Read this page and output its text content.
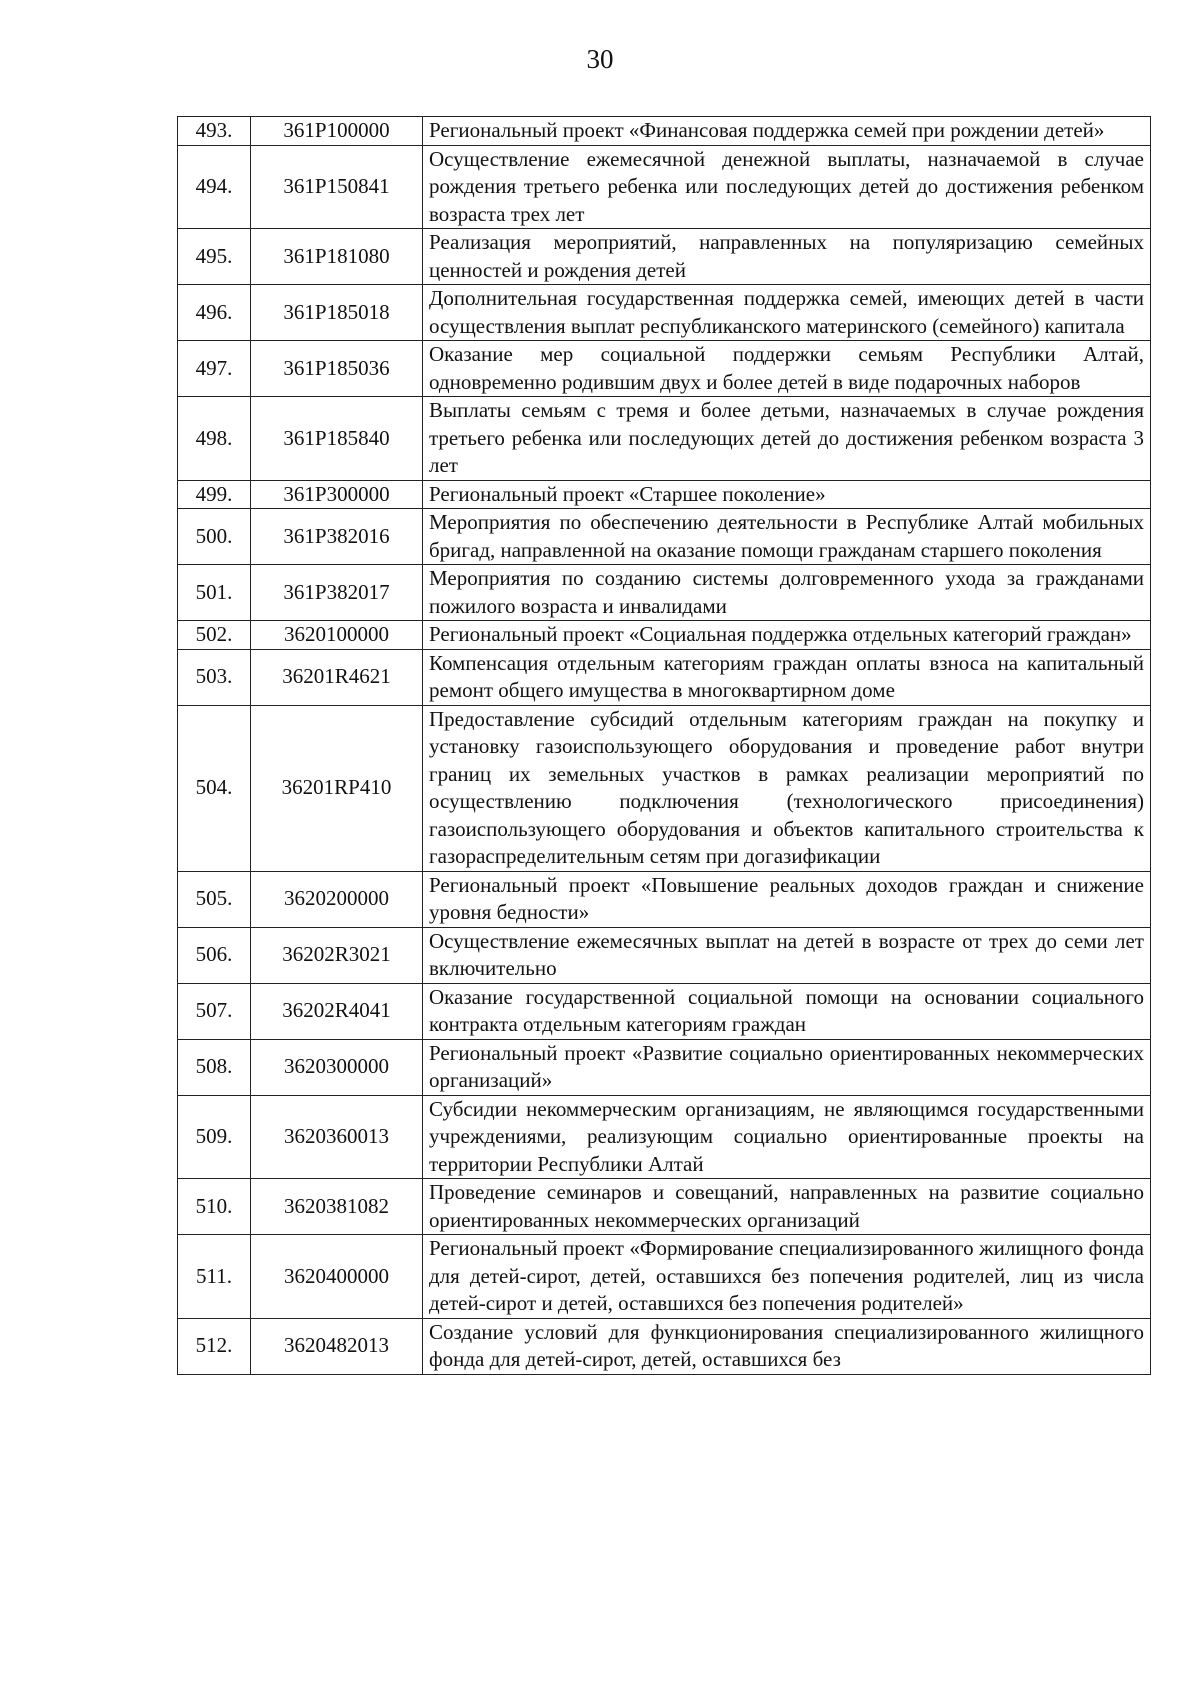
30
493.	361P100000	Региональный проект «Финансовая поддержка семей при рождении детей»
494.	361P150841	Осуществление ежемесячной денежной выплаты, назначаемой в случае рождения третьего ребенка или последующих детей до достижения ребенком возраста трех лет
495.	361P181080	Реализация мероприятий, направленных на популяризацию семейных ценностей и рождения детей
496.	361P185018	Дополнительная государственная поддержка семей, имеющих детей в части осуществления выплат республиканского материнского (семейного) капитала
497.	361P185036	Оказание мер социальной поддержки семьям Республики Алтай, одновременно родившим двух и более детей в виде подарочных наборов
498.	361P185840	Выплаты семьям с тремя и более детьми, назначаемых в случае рождения третьего ребенка или последующих детей до достижения ребенком возраста 3 лет
499.	361P300000	Региональный проект «Старшее поколение»
500.	361P382016	Мероприятия по обеспечению деятельности в Республике Алтай мобильных бригад, направленной на оказание помощи гражданам старшего поколения
501.	361P382017	Мероприятия по созданию системы долговременного ухода за гражданами пожилого возраста и инвалидами
502.	3620100000	Региональный проект «Социальная поддержка отдельных категорий граждан»
503.	36201R4621	Компенсация отдельным категориям граждан оплаты взноса на капитальный ремонт общего имущества в многоквартирном доме
504.	36201RP410	Предоставление субсидий отдельным категориям граждан на покупку и установку газоиспользующего оборудования и проведение работ внутри границ их земельных участков в рамках реализации мероприятий по осуществлению подключения (технологического присоединения) газоиспользующего оборудования и объектов капитального строительства к газораспределительным сетям при догазификации
505.	3620200000	Региональный проект «Повышение реальных доходов граждан и снижение уровня бедности»
506.	36202R3021	Осуществление ежемесячных выплат на детей в возрасте от трех до семи лет включительно
507.	36202R4041	Оказание государственной социальной помощи на основании социального контракта отдельным категориям граждан
508.	3620300000	Региональный проект «Развитие социально ориентированных некоммерческих организаций»
509.	3620360013	Субсидии некоммерческим организациям, не являющимся государственными учреждениями, реализующим социально ориентированные проекты на территории Республики Алтай
510.	3620381082	Проведение семинаров и совещаний, направленных на развитие социально ориентированных некоммерческих организаций
511.	3620400000	Региональный проект «Формирование специализированного жилищного фонда для детей-сирот, детей, оставшихся без попечения родителей, лиц из числа детей-сирот и детей, оставшихся без попечения родителей»
512.	3620482013	Создание условий для функционирования специализированного жилищного фонда для детей-сирот, детей, оставшихся без
